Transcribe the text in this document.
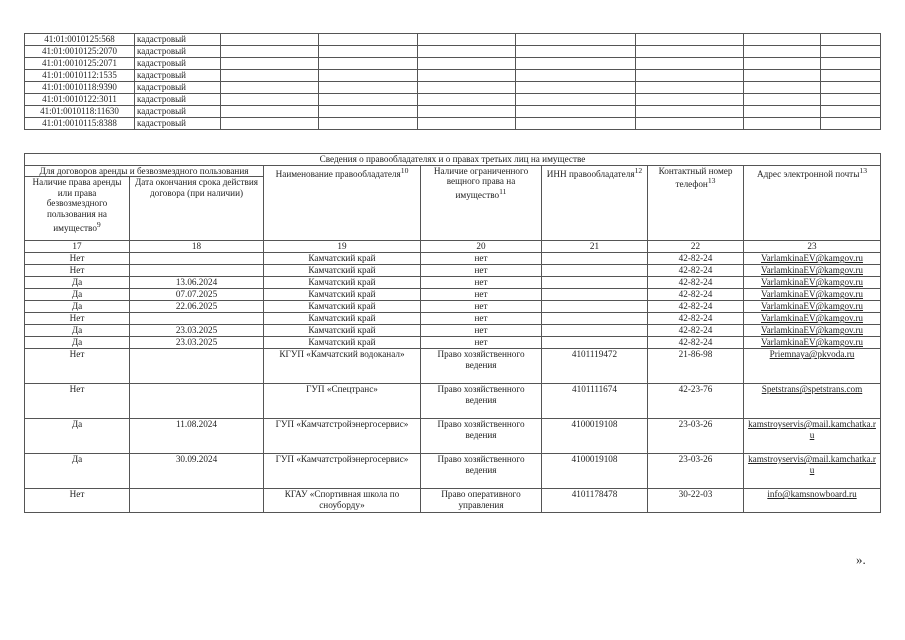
41:01:0010125:568	кадастровый							
41:01:0010125:2070	кадастровый							
41:01:0010125:2071	кадастровый							
41:01:0010112:1535	кадастровый							
41:01:0010118:9390	кадастровый							
41:01:0010122:3011	кадастровый							
41:01:0010118:11630	кадастровый							
41:01:0010115:8388	кадастровый							
Сведения о правообладателях и о правах третьих лиц на имуществе						
Для договоров аренды и безвозмездного пользования		Наименование правообладателя$^{10}$	Наличие ограниченного вещного права на имущество$^{11}$	ИНН правообладателя$^{12}$	Контактный номер телефон$^{13}$	Адрес электронной почты$^{13}$
Наличие права аренды или права безвозмездного пользования на имущество$^9$	Дата окончания срока действия договора (при наличии)					
17	18	19	20	21	22	23
Нет		Камчатский край	нет		42-82-24	VarlamkinaEV@kamgov.ru
Нет		Камчатский край	нет		42-82-24	VarlamkinaEV@kamgov.ru
Да	13.06.2024	Камчатский край	нет		42-82-24	VarlamkinaEV@kamgov.ru
Да	07.07.2025	Камчатский край	нет		42-82-24	VarlamkinaEV@kamgov.ru
Да	22.06.2025	Камчатский край	нет		42-82-24	VarlamkinaEV@kamgov.ru
Нет		Камчатский край	нет		42-82-24	VarlamkinaEV@kamgov.ru
Да	23.03.2025	Камчатский край	нет		42-82-24	VarlamkinaEV@kamgov.ru
Да	23.03.2025	Камчатский край	нет		42-82-24	VarlamkinaEV@kamgov.ru
Нет		КГУП «Камчатский водоканал»	Право хозяйственного ведения	4101119472	21-86-98	Priemnaya@pkvoda.ru
Нет		ГУП «Спецтранс»	Право хозяйственного ведения	4101111674	42-23-76	Spetstrans@spetstrans.com
Да	11.08.2024	ГУП «Камчатстройэнергосервис»	Право хозяйственного ведения	4100019108	23-03-26	kamstroyservis@mail.kamchatka.ru
Да	30.09.2024	ГУП «Камчатстройэнергосервис»	Право хозяйственного ведения	4100019108	23-03-26	kamstroyservis@mail.kamchatka.ru
Нет		КГАУ «Спортивная школа по сноуборду»	Право оперативного управления	4101178478	30-22-03	info@kamsnowboard.ru
».
